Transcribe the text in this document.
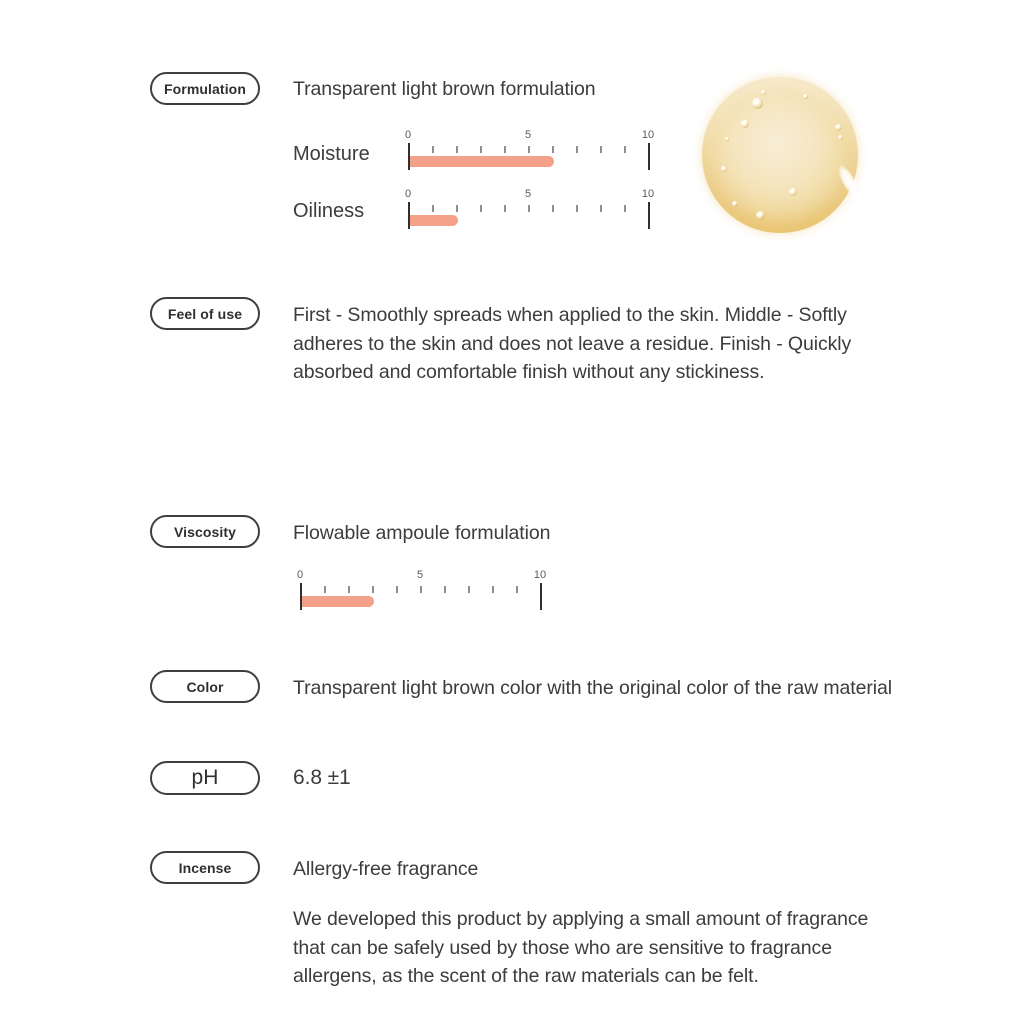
Formulation	Transparent light brown formulation
Moisture
0	5	10
Oiliness
0	5	10
Feel of use	First - Smoothly spreads when applied to the skin. Middle - Softly
adheres to the skin and does not leave a residue. Finish - Quickly
absorbed and comfortable finish without any stickiness.
Viscosity	Flowable ampoule formulation
0	5	10
Color	Transparent light brown color with the original color of the raw material
pH	6.8 ±1
Incense	Allergy-free fragrance
We developed this product by applying a small amount of fragrance
that can be safely used by those who are sensitive to fragrance
allergens, as the scent of the raw materials can be felt.
